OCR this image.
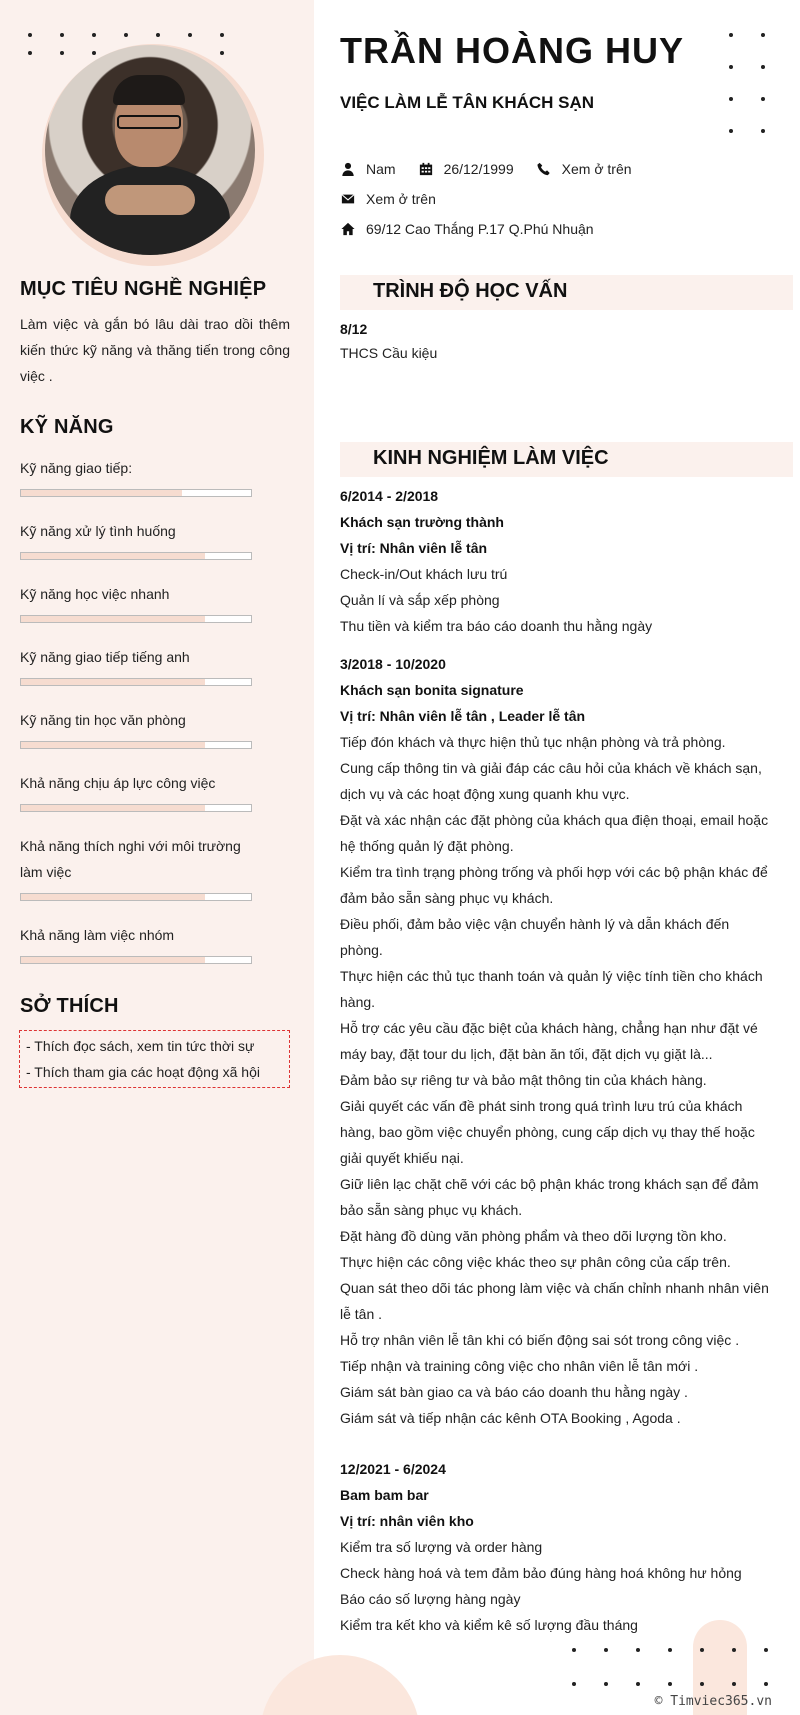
MỤC TIÊU NGHỀ NGHIỆP
Làm việc và gắn bó lâu dài trao dồi thêm kiến thức kỹ năng và thăng tiến trong công việc .
KỸ NĂNG
Kỹ năng giao tiếp:
Kỹ năng xử lý tình huống
Kỹ năng học việc nhanh
Kỹ năng giao tiếp tiếng anh
Kỹ năng tin học văn phòng
Khả năng chịu áp lực công việc
Khả năng thích nghi với môi trường làm việc
Khả năng làm việc nhóm
SỞ THÍCH
- Thích đọc sách, xem tin tức thời sự
- Thích tham gia các hoạt động xã hội
TRẦN HOÀNG HUY
VIỆC LÀM LỄ TÂN KHÁCH SẠN
Nam	26/12/1999	Xem ở trên
Xem ở trên
69/12 Cao Thắng P.17 Q.Phú Nhuận
TRÌNH ĐỘ HỌC VẤN
8/12
THCS Cầu kiệu
KINH NGHIỆM LÀM VIỆC
6/2014 - 2/2018
Khách sạn trường thành
Vị trí: Nhân viên lễ tân
Check-in/Out khách lưu trú
Quản lí và sắp xếp phòng
Thu tiền và kiểm tra báo cáo doanh thu hằng ngày
3/2018 - 10/2020
Khách sạn bonita signature
Vị trí: Nhân viên lễ tân , Leader lễ tân
Tiếp đón khách và thực hiện thủ tục nhận phòng và trả phòng.
Cung cấp thông tin và giải đáp các câu hỏi của khách về khách sạn, dịch vụ và các hoạt động xung quanh khu vực.
Đặt và xác nhận các đặt phòng của khách qua điện thoại, email hoặc hệ thống quản lý đặt phòng.
Kiểm tra tình trạng phòng trống và phối hợp với các bộ phận khác để đảm bảo sẵn sàng phục vụ khách.
Điều phối, đảm bảo việc vận chuyển hành lý và dẫn khách đến phòng.
Thực hiện các thủ tục thanh toán và quản lý việc tính tiền cho khách hàng.
Hỗ trợ các yêu cầu đặc biệt của khách hàng, chẳng hạn như đặt vé máy bay, đặt tour du lịch, đặt bàn ăn tối, đặt dịch vụ giặt là...
Đảm bảo sự riêng tư và bảo mật thông tin của khách hàng.
Giải quyết các vấn đề phát sinh trong quá trình lưu trú của khách hàng, bao gồm việc chuyển phòng, cung cấp dịch vụ thay thế hoặc giải quyết khiếu nại.
Giữ liên lạc chặt chẽ với các bộ phận khác trong khách sạn để đảm bảo sẵn sàng phục vụ khách.
Đặt hàng đồ dùng văn phòng phẩm và theo dõi lượng tồn kho.
Thực hiện các công việc khác theo sự phân công của cấp trên.
Quan sát theo dõi tác phong làm việc và chấn chỉnh nhanh nhân viên lễ tân .
Hỗ trợ nhân viên lễ tân khi có biến động sai sót trong công việc .
Tiếp nhận và training công việc cho nhân viên lễ tân mới .
Giám sát bàn giao ca và báo cáo doanh thu hằng ngày .
Giám sát và tiếp nhận các kênh OTA Booking , Agoda .
12/2021 - 6/2024
Bam bam bar
Vị trí: nhân viên kho
Kiểm tra số lượng và order hàng
Check hàng hoá và tem đảm bảo đúng hàng hoá không hư hỏng
Báo cáo số lượng hàng ngày
Kiểm tra kết kho và kiểm kê số lượng đầu tháng
© Timviec365.vn
